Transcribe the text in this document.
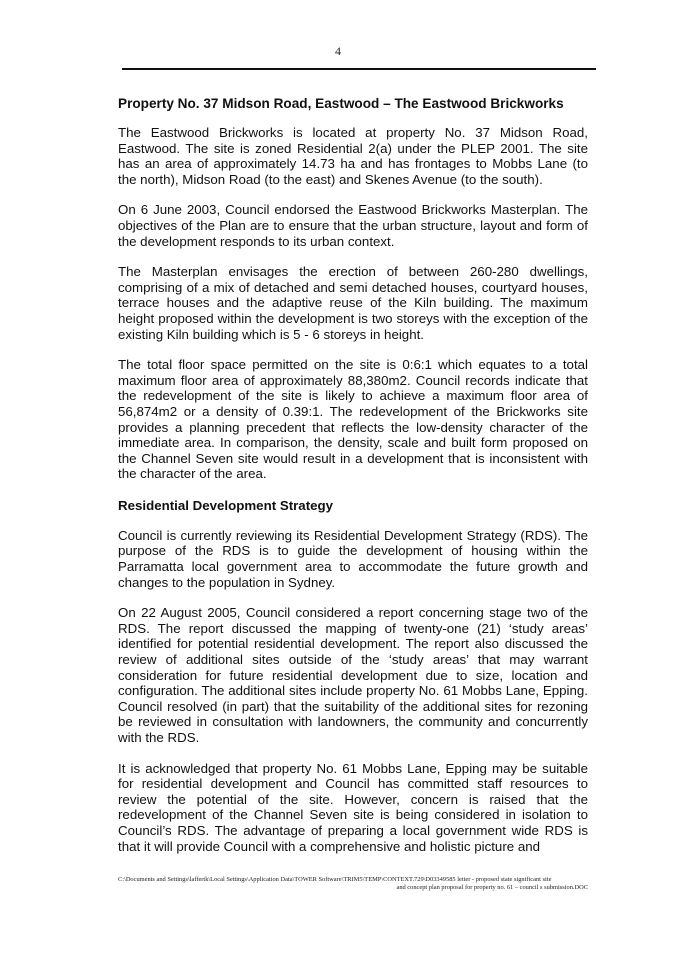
4
Property No. 37 Midson Road, Eastwood – The Eastwood Brickworks

The Eastwood Brickworks is located at property No. 37 Midson Road, Eastwood. The site is zoned Residential 2(a) under the PLEP 2001. The site has an area of approximately 14.73 ha and has frontages to Mobbs Lane (to the north), Midson Road (to the east) and Skenes Avenue (to the south).

On 6 June 2003, Council endorsed the Eastwood Brickworks Masterplan. The objectives of the Plan are to ensure that the urban structure, layout and form of the development responds to its urban context.

The Masterplan envisages the erection of between 260-280 dwellings, comprising of a mix of detached and semi detached houses, courtyard houses, terrace houses and the adaptive reuse of the Kiln building. The maximum height proposed within the development is two storeys with the exception of the existing Kiln building which is 5 - 6 storeys in height.

The total floor space permitted on the site is 0:6:1 which equates to a total maximum floor area of approximately 88,380m2. Council records indicate that the redevelopment of the site is likely to achieve a maximum floor area of 56,874m2 or a density of 0.39:1. The redevelopment of the Brickworks site provides a planning precedent that reflects the low-density character of the immediate area. In comparison, the density, scale and built form proposed on the Channel Seven site would result in a development that is inconsistent with the character of the area.

Residential Development Strategy

Council is currently reviewing its Residential Development Strategy (RDS). The purpose of the RDS is to guide the development of housing within the Parramatta local government area to accommodate the future growth and changes to the population in Sydney.

On 22 August 2005, Council considered a report concerning stage two of the RDS. The report discussed the mapping of twenty-one (21) ‘study areas’ identified for potential residential development. The report also discussed the review of additional sites outside of the ‘study areas’ that may warrant consideration for future residential development due to size, location and configuration. The additional sites include property No. 61 Mobbs Lane, Epping. Council resolved (in part) that the suitability of the additional sites for rezoning be reviewed in consultation with landowners, the community and concurrently with the RDS.

It is acknowledged that property No. 61 Mobbs Lane, Epping may be suitable for residential development and Council has committed staff resources to review the potential of the site. However, concern is raised that the redevelopment of the Channel Seven site is being considered in isolation to Council’s RDS. The advantage of preparing a local government wide RDS is that it will provide Council with a comprehensive and holistic picture and

C:\Documents and Settings\laffertk\Local Settings\Application Data\TOWER Software\TRIM5\TEMP\CONTEXT.729\D03349585 letter - proposed state significant site
and concept plan proposal for property no. 61 – council s submission.DOC
